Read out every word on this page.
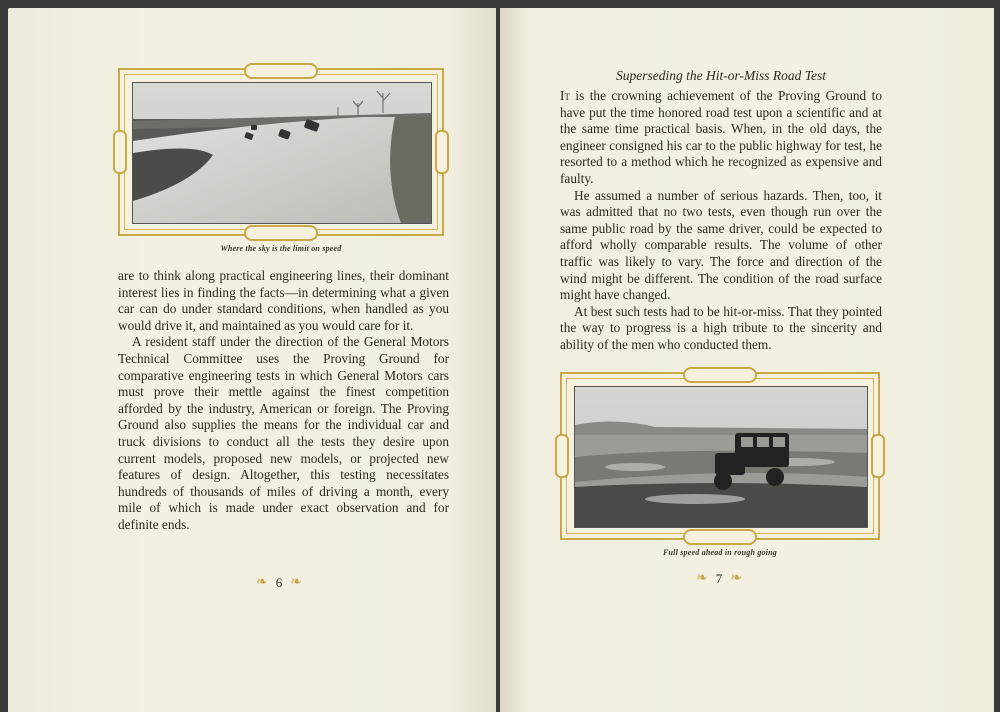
Where the sky is the limit on speed

are to think along practical engineering lines, their dominant interest lies in finding the facts—in determining what a given car can do under standard conditions, when handled as you would drive it, and maintained as you would care for it.

A resident staff under the direction of the General Motors Technical Committee uses the Proving Ground for comparative engineering tests in which General Motors cars must prove their mettle against the finest competition afforded by the industry, American or foreign. The Proving Ground also supplies the means for the individual car and truck divisions to conduct all the tests they desire upon current models, proposed new models, or projected new features of design. Altogether, this testing necessitates hundreds of thousands of miles of driving a month, every mile of which is made under exact observation and for definite ends.

❧ 6 ❧
Superseding the Hit-or-Miss Road Test

It is the crowning achievement of the Proving Ground to have put the time honored road test upon a scientific and at the same time practical basis. When, in the old days, the engineer consigned his car to the public highway for test, he resorted to a method which he recognized as expensive and faulty.

He assumed a number of serious hazards. Then, too, it was admitted that no two tests, even though run over the same public road by the same driver, could be expected to afford wholly comparable results. The volume of other traffic was likely to vary. The force and direction of the wind might be different. The condition of the road surface might have changed.

At best such tests had to be hit-or-miss. That they pointed the way to progress is a high tribute to the sincerity and ability of the men who conducted them.

Full speed ahead in rough going
❧ 7 ❧
